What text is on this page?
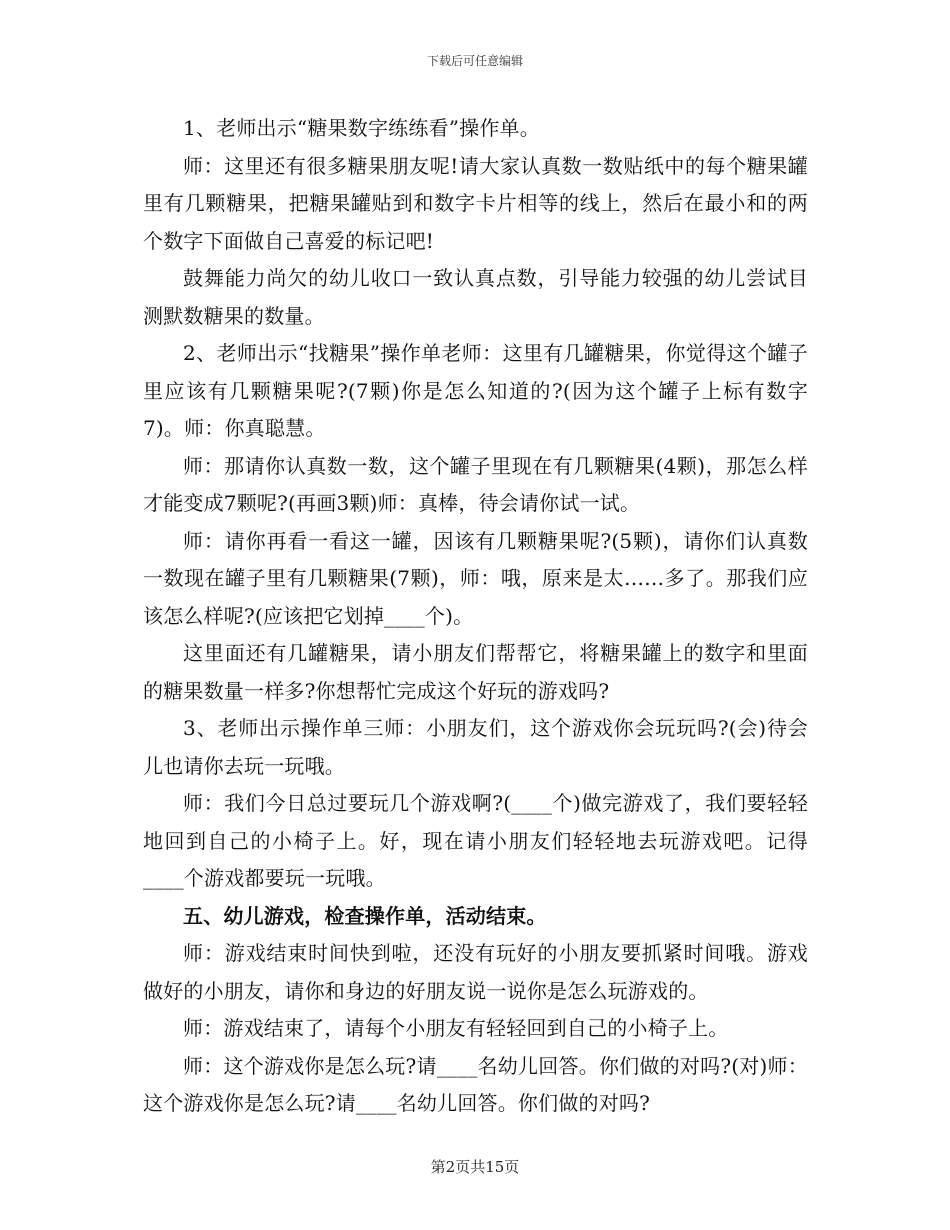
下载后可任意编辑

1、老师出示“糖果数字练练看”操作单。

师：这里还有很多糖果朋友呢!请大家认真数一数贴纸中的每个糖果罐里有几颗糖果，把糖果罐贴到和数字卡片相等的线上，然后在最小和的两个数字下面做自己喜爱的标记吧!

鼓舞能力尚欠的幼儿收口一致认真点数，引导能力较强的幼儿尝试目测默数糖果的数量。

2、老师出示“找糖果”操作单老师：这里有几罐糖果，你觉得这个罐子里应该有几颗糖果呢?(7颗)你是怎么知道的?(因为这个罐子上标有数字7)。师：你真聪慧。

师：那请你认真数一数，这个罐子里现在有几颗糖果(4颗)，那怎么样才能变成7颗呢?(再画3颗)师：真棒，待会请你试一试。

师：请你再看一看这一罐，因该有几颗糖果呢?(5颗)，请你们认真数一数现在罐子里有几颗糖果(7颗)，师：哦，原来是太……多了。那我们应该怎么样呢?(应该把它划掉____个)。

这里面还有几罐糖果，请小朋友们帮帮它，将糖果罐上的数字和里面的糖果数量一样多?你想帮忙完成这个好玩的游戏吗?

3、老师出示操作单三师：小朋友们，这个游戏你会玩玩吗?(会)待会儿也请你去玩一玩哦。

师：我们今日总过要玩几个游戏啊?(____个)做完游戏了，我们要轻轻地回到自己的小椅子上。好，现在请小朋友们轻轻地去玩游戏吧。记得____个游戏都要玩一玩哦。

五、幼儿游戏，检查操作单，活动结束。

师：游戏结束时间快到啦，还没有玩好的小朋友要抓紧时间哦。游戏做好的小朋友，请你和身边的好朋友说一说你是怎么玩游戏的。

师：游戏结束了，请每个小朋友有轻轻回到自己的小椅子上。

师：这个游戏你是怎么玩?请____名幼儿回答。你们做的对吗?(对)师：这个游戏你是怎么玩?请____名幼儿回答。你们做的对吗?

第2页共15页
